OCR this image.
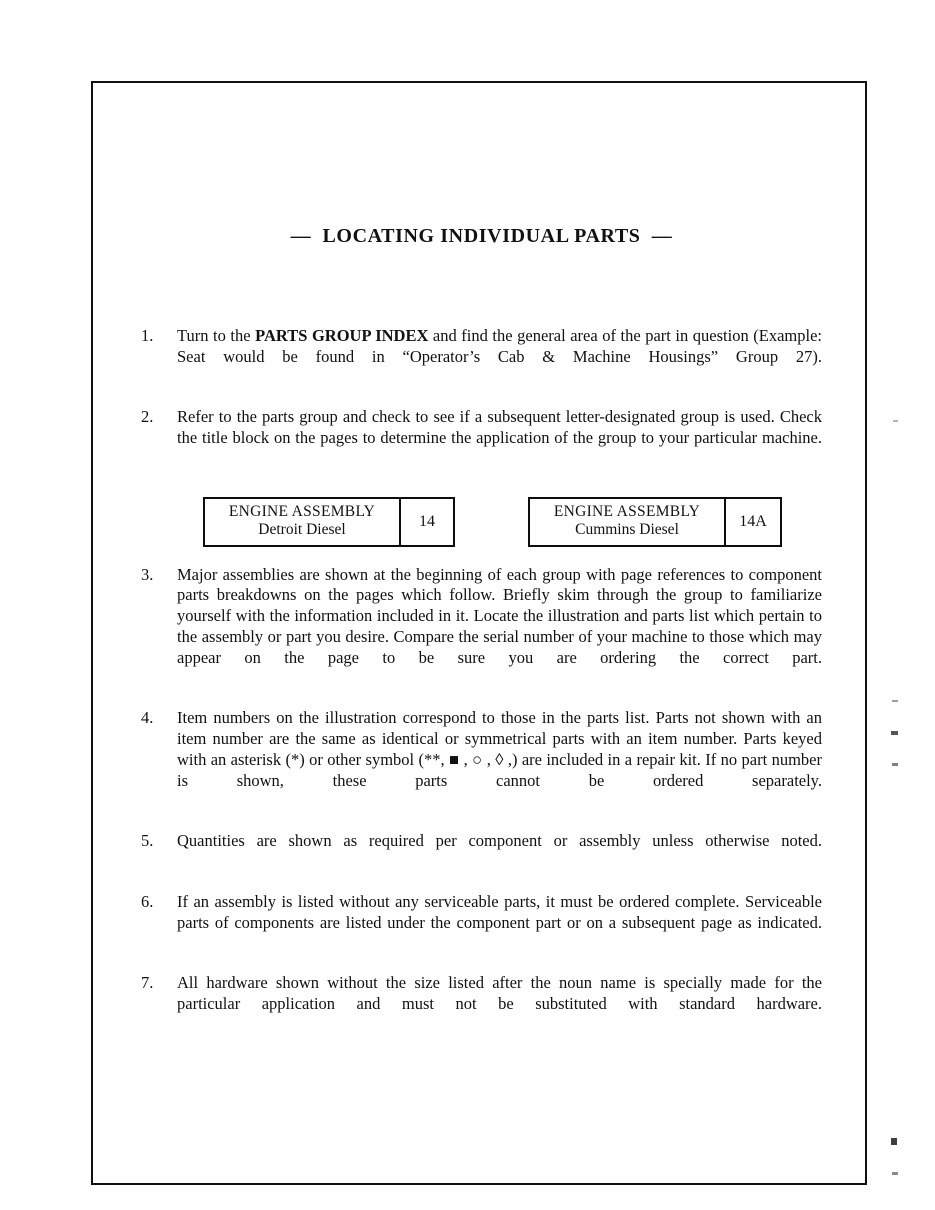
—  LOCATING INDIVIDUAL PARTS  —
1.	Turn to the PARTS GROUP INDEX and find the general area of the part in question (Example: Seat would be found in “Operator’s Cab & Machine Housings” Group 27).
2.	Refer to the parts group and check to see if a subsequent letter-designated group is used. Check the title block on the pages to determine the application of the group to your particular machine.
ENGINE ASSEMBLY
Detroit Diesel	14
ENGINE ASSEMBLY
Cummins Diesel	14A
3.	Major assemblies are shown at the beginning of each group with page references to component parts breakdowns on the pages which follow. Briefly skim through the group to familiarize yourself with the information included in it. Locate the illustration and parts list which pertain to the assembly or part you desire. Compare the serial number of your machine to those which may appear on the page to be sure you are ordering the correct part.
4.	Item numbers on the illustration correspond to those in the parts list. Parts not shown with an item number are the same as identical or symmetrical parts with an item number. Parts keyed with an asterisk (*) or other symbol (**, ■ , ○ , ◊ ,) are included in a repair kit. If no part number is shown, these parts cannot be ordered separately.
5.	Quantities are shown as required per component or assembly unless otherwise noted.
6.	If an assembly is listed without any serviceable parts, it must be ordered complete. Serviceable parts of components are listed under the component part or on a subsequent page as indicated.
7.	All hardware shown without the size listed after the noun name is specially made for the particular application and must not be substituted with standard hardware.
